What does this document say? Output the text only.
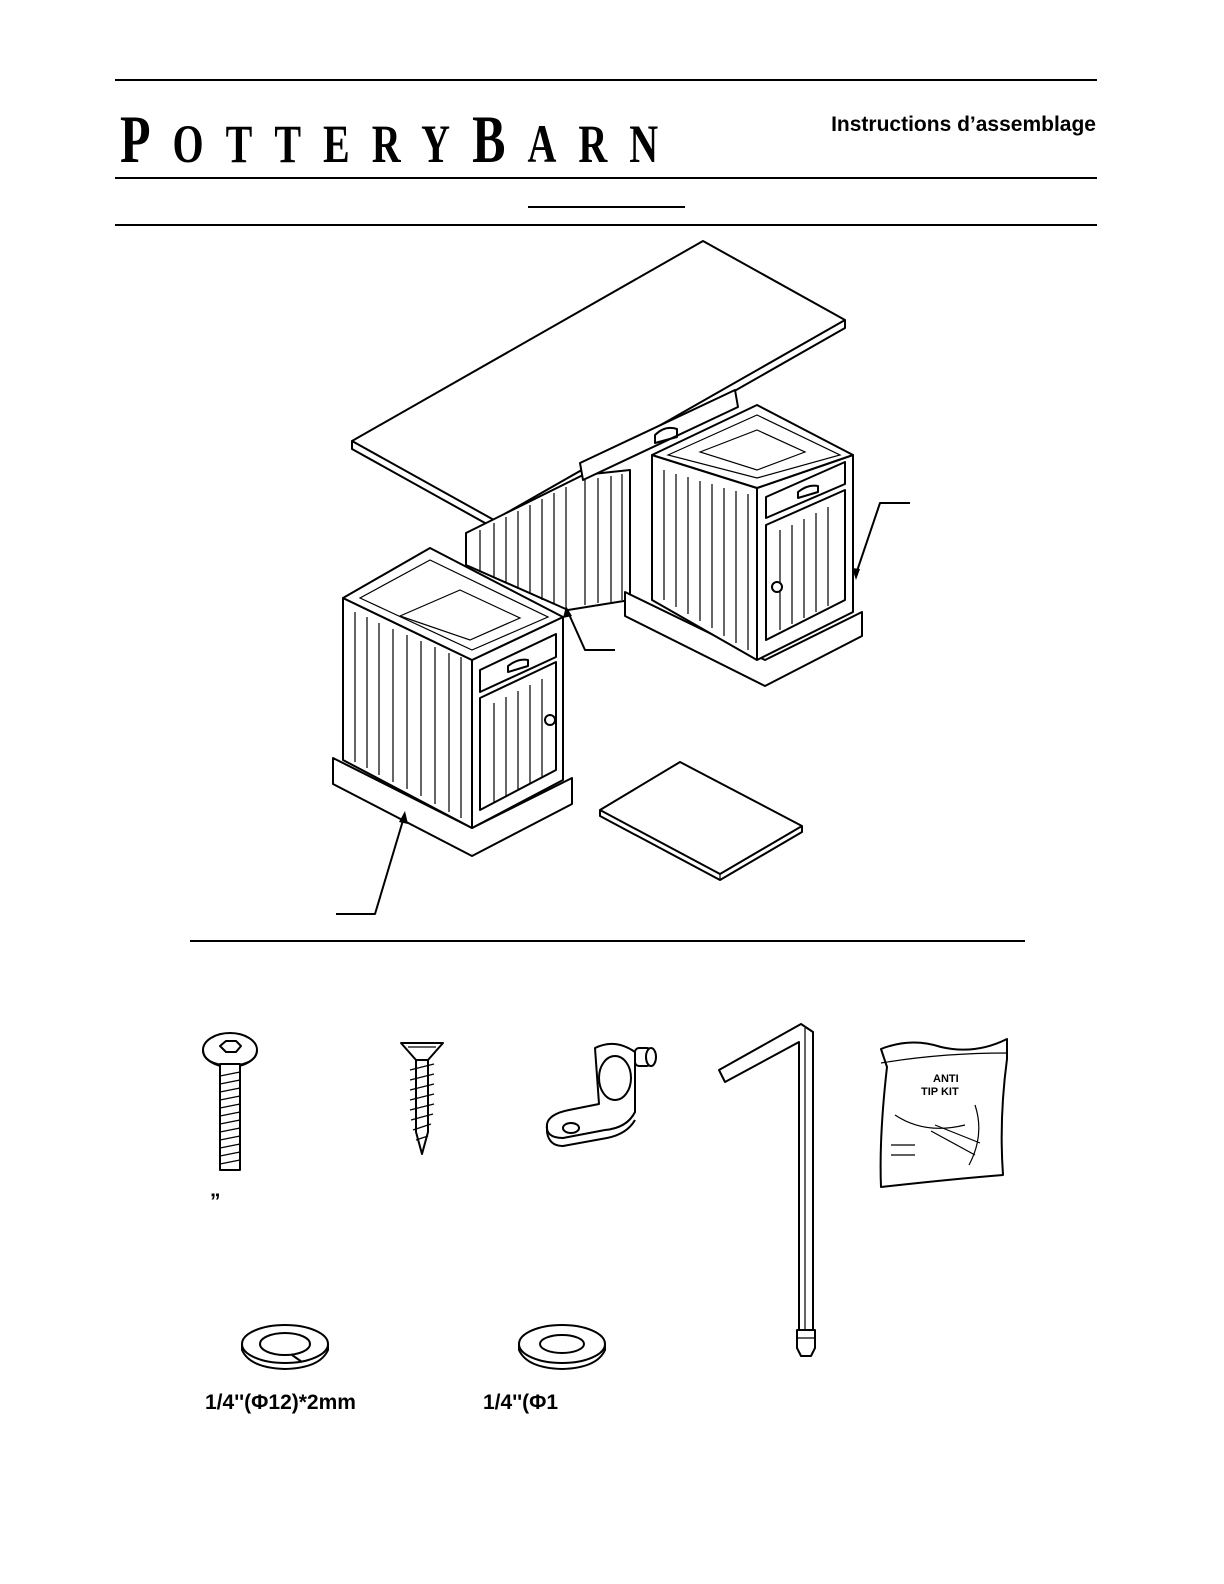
POTTERYBARN	Instructions d’assemblage
”
ANTI
TIP KIT
1/4''(Φ12)*2mm	1/4''(Φ1
